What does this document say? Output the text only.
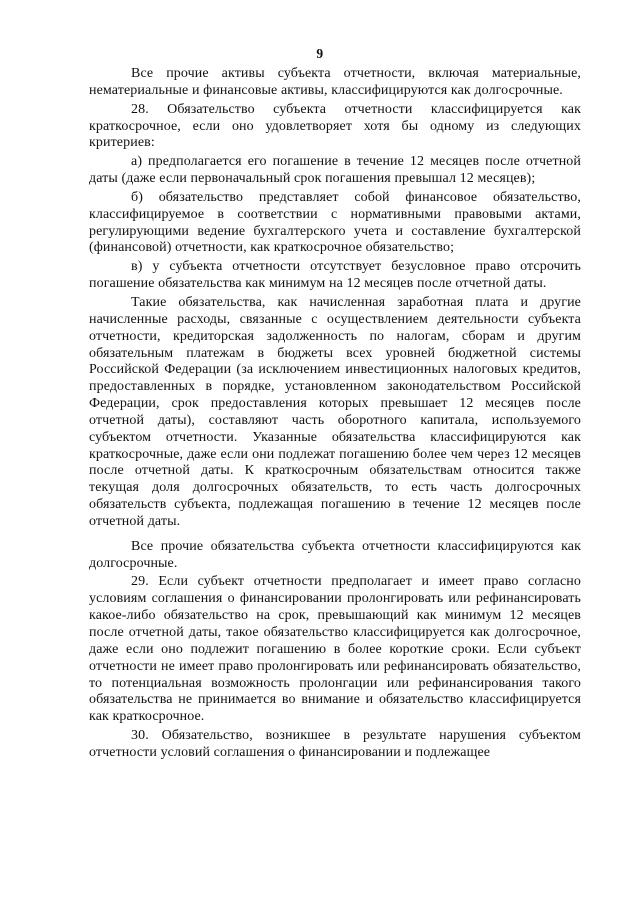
9

Все прочие активы субъекта отчетности, включая материальные, нематериальные и финансовые активы, классифицируются как долгосрочные.

28. Обязательство субъекта отчетности классифицируется как краткосрочное, если оно удовлетворяет хотя бы одному из следующих критериев:

а) предполагается его погашение в течение 12 месяцев после отчетной даты (даже если первоначальный срок погашения превышал 12 месяцев);

б) обязательство представляет собой финансовое обязательство, классифицируемое в соответствии с нормативными правовыми актами, регулирующими ведение бухгалтерского учета и составление бухгалтерской (финансовой) отчетности, как краткосрочное обязательство;

в) у субъекта отчетности отсутствует безусловное право отсрочить погашение обязательства как минимум на 12 месяцев после отчетной даты.

Такие обязательства, как начисленная заработная плата и другие начисленные расходы, связанные с осуществлением деятельности субъекта отчетности, кредиторская задолженность по налогам, сборам и другим обязательным платежам в бюджеты всех уровней бюджетной системы Российской Федерации (за исключением инвестиционных налоговых кредитов, предоставленных в порядке, установленном законодательством Российской Федерации, срок предоставления которых превышает 12 месяцев после отчетной даты), составляют часть оборотного капитала, используемого субъектом отчетности. Указанные обязательства классифицируются как краткосрочные, даже если они подлежат погашению более чем через 12 месяцев после отчетной даты. К краткосрочным обязательствам относится также текущая доля долгосрочных обязательств, то есть часть долгосрочных обязательств субъекта, подлежащая погашению в течение 12 месяцев после отчетной даты.

Все прочие обязательства субъекта отчетности классифицируются как долгосрочные.

29. Если субъект отчетности предполагает и имеет право согласно условиям соглашения о финансировании пролонгировать или рефинансировать какое-либо обязательство на срок, превышающий как минимум 12 месяцев после отчетной даты, такое обязательство классифицируется как долгосрочное, даже если оно подлежит погашению в более короткие сроки. Если субъект отчетности не имеет право пролонгировать или рефинансировать обязательство, то потенциальная возможность пролонгации или рефинансирования такого обязательства не принимается во внимание и обязательство классифицируется как краткосрочное.

30. Обязательство, возникшее в результате нарушения субъектом отчетности условий соглашения о финансировании и подлежащее
